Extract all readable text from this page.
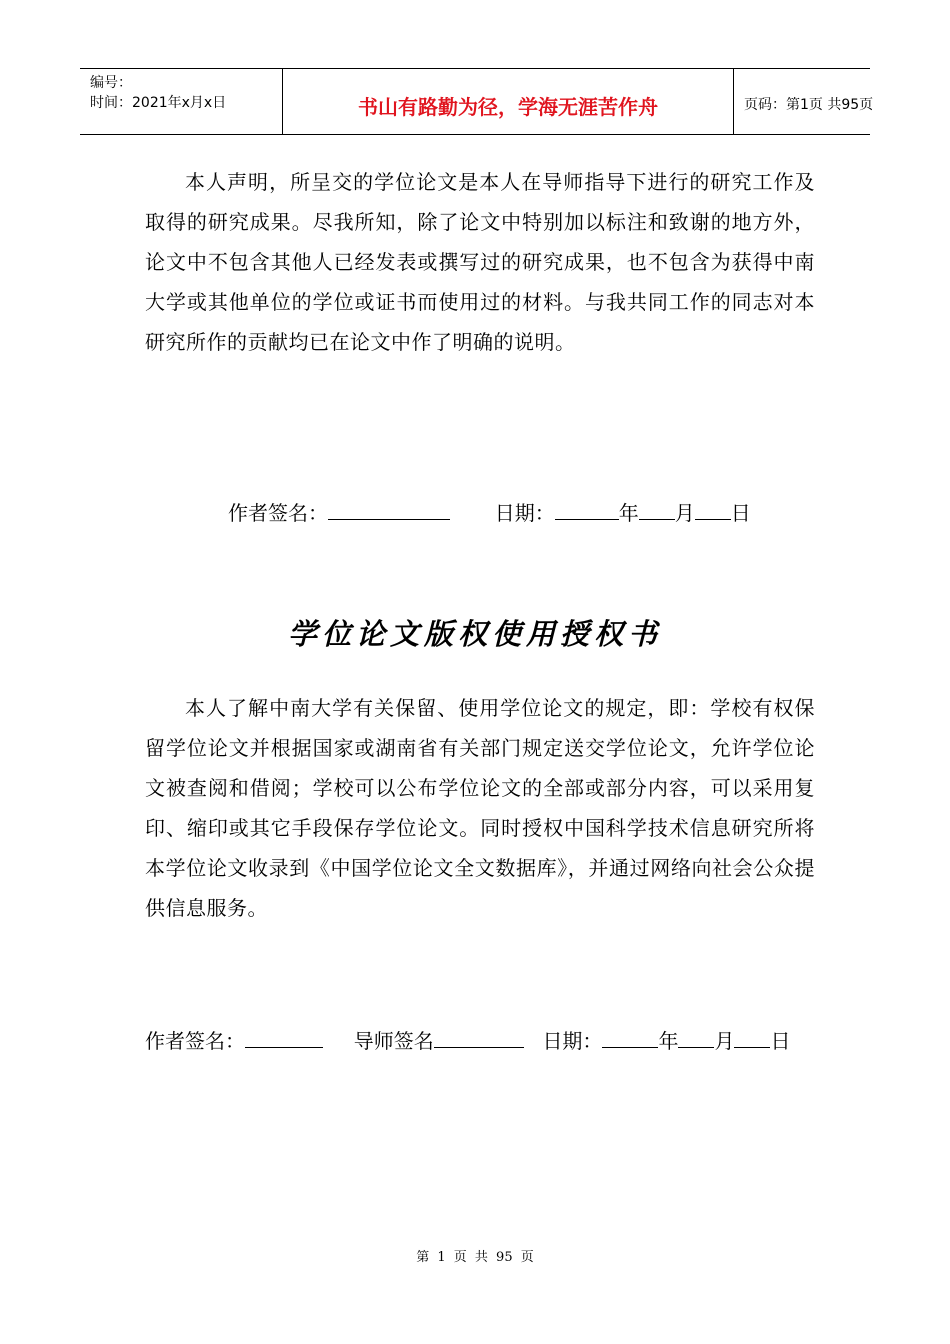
编号：
时间：2021年x月x日	书山有路勤为径，学海无涯苦作舟	页码：第1页 共95页
本人声明，所呈交的学位论文是本人在导师指导下进行的研究工作及取得的研究成果。尽我所知，除了论文中特别加以标注和致谢的地方外，论文中不包含其他人已经发表或撰写过的研究成果，也不包含为获得中南大学或其他单位的学位或证书而使用过的材料。与我共同工作的同志对本研究所作的贡献均已在论文中作了明确的说明。
作者签名：	日期：	年 月 日
学位论文版权使用授权书
本人了解中南大学有关保留、使用学位论文的规定，即：学校有权保留学位论文并根据国家或湖南省有关部门规定送交学位论文，允许学位论文被查阅和借阅；学校可以公布学位论文的全部或部分内容，可以采用复印、缩印或其它手段保存学位论文。同时授权中国科学技术信息研究所将本学位论文收录到《中国学位论文全文数据库》，并通过网络向社会公众提供信息服务。
作者签名：	导师签名	日期：	年 月 日
第 1 页 共 95 页
